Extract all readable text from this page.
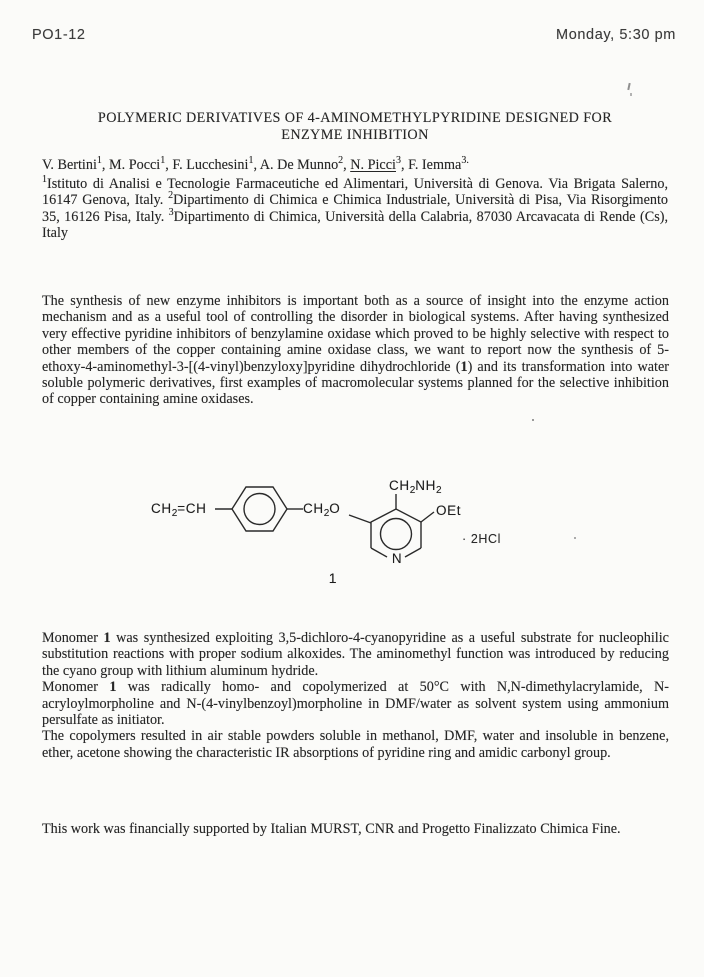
PO1-12	Monday, 5:30 pm
POLYMERIC DERIVATIVES OF 4-AMINOMETHYLPYRIDINE DESIGNED FOR
ENZYME INHIBITION
V. Bertini$^1$, M. Pocci$^1$, F. Lucchesini$^1$, A. De Munno$^2$, N. Picci$^3$, F. Iemma$^{3.}$
$^1$Istituto di Analisi e Tecnologie Farmaceutiche ed Alimentari, Università di Genova. Via Brigata Salerno, 16147 Genova, Italy. $^2$Dipartimento di Chimica e Chimica Industriale, Università di Pisa, Via Risorgimento 35, 16126 Pisa, Italy. $^3$Dipartimento di Chimica, Università della Calabria, 87030 Arcavacata di Rende (Cs), Italy

The synthesis of new enzyme inhibitors is important both as a source of insight into the enzyme action mechanism and as a useful tool of controlling the disorder in biological systems. After having synthesized very effective pyridine inhibitors of benzylamine oxidase which proved to be highly selective with respect to other members of the copper containing amine oxidase class, we want to report now the synthesis of 5-ethoxy-4-aminomethyl-3-[(4-vinyl)benzyloxy]pyridine dihydrochloride (1) and its transformation into water soluble polymeric derivatives, first examples of macromolecular systems planned for the selective inhibition of copper containing amine oxidases.

$CH_2=CH$	$CH_2O$
$CH_2NH_2$
OEt
N
· 2HCl
1

Monomer 1 was synthesized exploiting 3,5-dichloro-4-cyanopyridine as a useful substrate for nucleophilic substitution reactions with proper sodium alkoxides. The aminomethyl function was introduced by reducing the cyano group with lithium aluminum hydride.

Monomer 1 was radically homo- and copolymerized at 50°C with N,N-dimethylacrylamide, N-acryloylmorpholine and N-(4-vinylbenzoyl)morpholine in DMF/water as solvent system using ammonium persulfate as initiator.

The copolymers resulted in air stable powders soluble in methanol, DMF, water and insoluble in benzene, ether, acetone showing the characteristic IR absorptions of pyridine ring and amidic carbonyl group.

This work was financially supported by Italian MURST, CNR and Progetto Finalizzato Chimica Fine.
